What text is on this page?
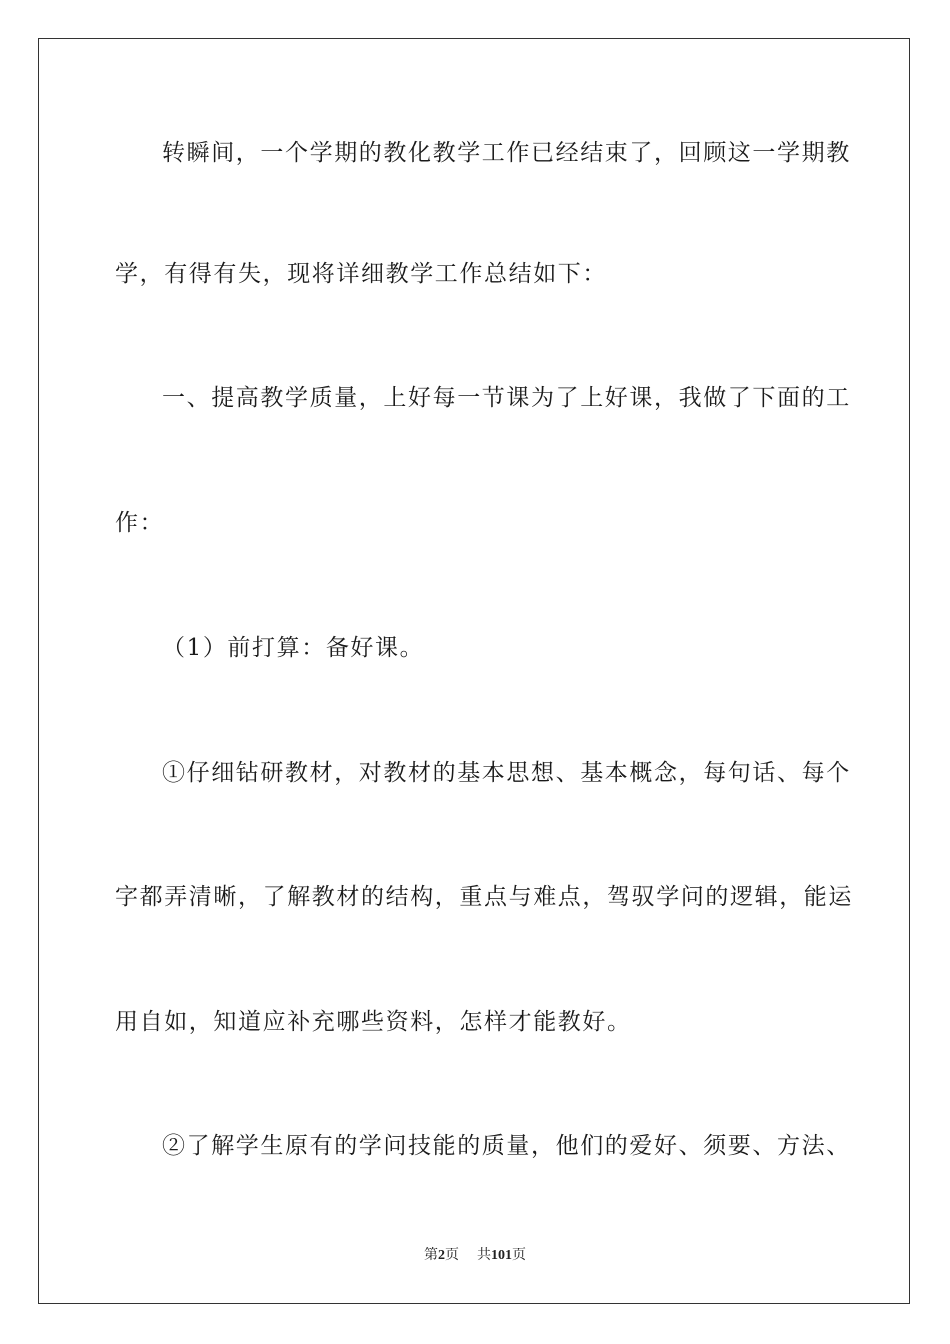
转瞬间，一个学期的教化教学工作已经结束了，回顾这一学期教
学，有得有失，现将详细教学工作总结如下：
一、提高教学质量，上好每一节课为了上好课，我做了下面的工
作：
（1）前打算：备好课。
①仔细钻研教材，对教材的基本思想、基本概念，每句话、每个
字都弄清晰，了解教材的结构，重点与难点，驾驭学问的逻辑，能运
用自如，知道应补充哪些资料，怎样才能教好。
②了解学生原有的学问技能的质量，他们的爱好、须要、方法、
第2页 共101页
